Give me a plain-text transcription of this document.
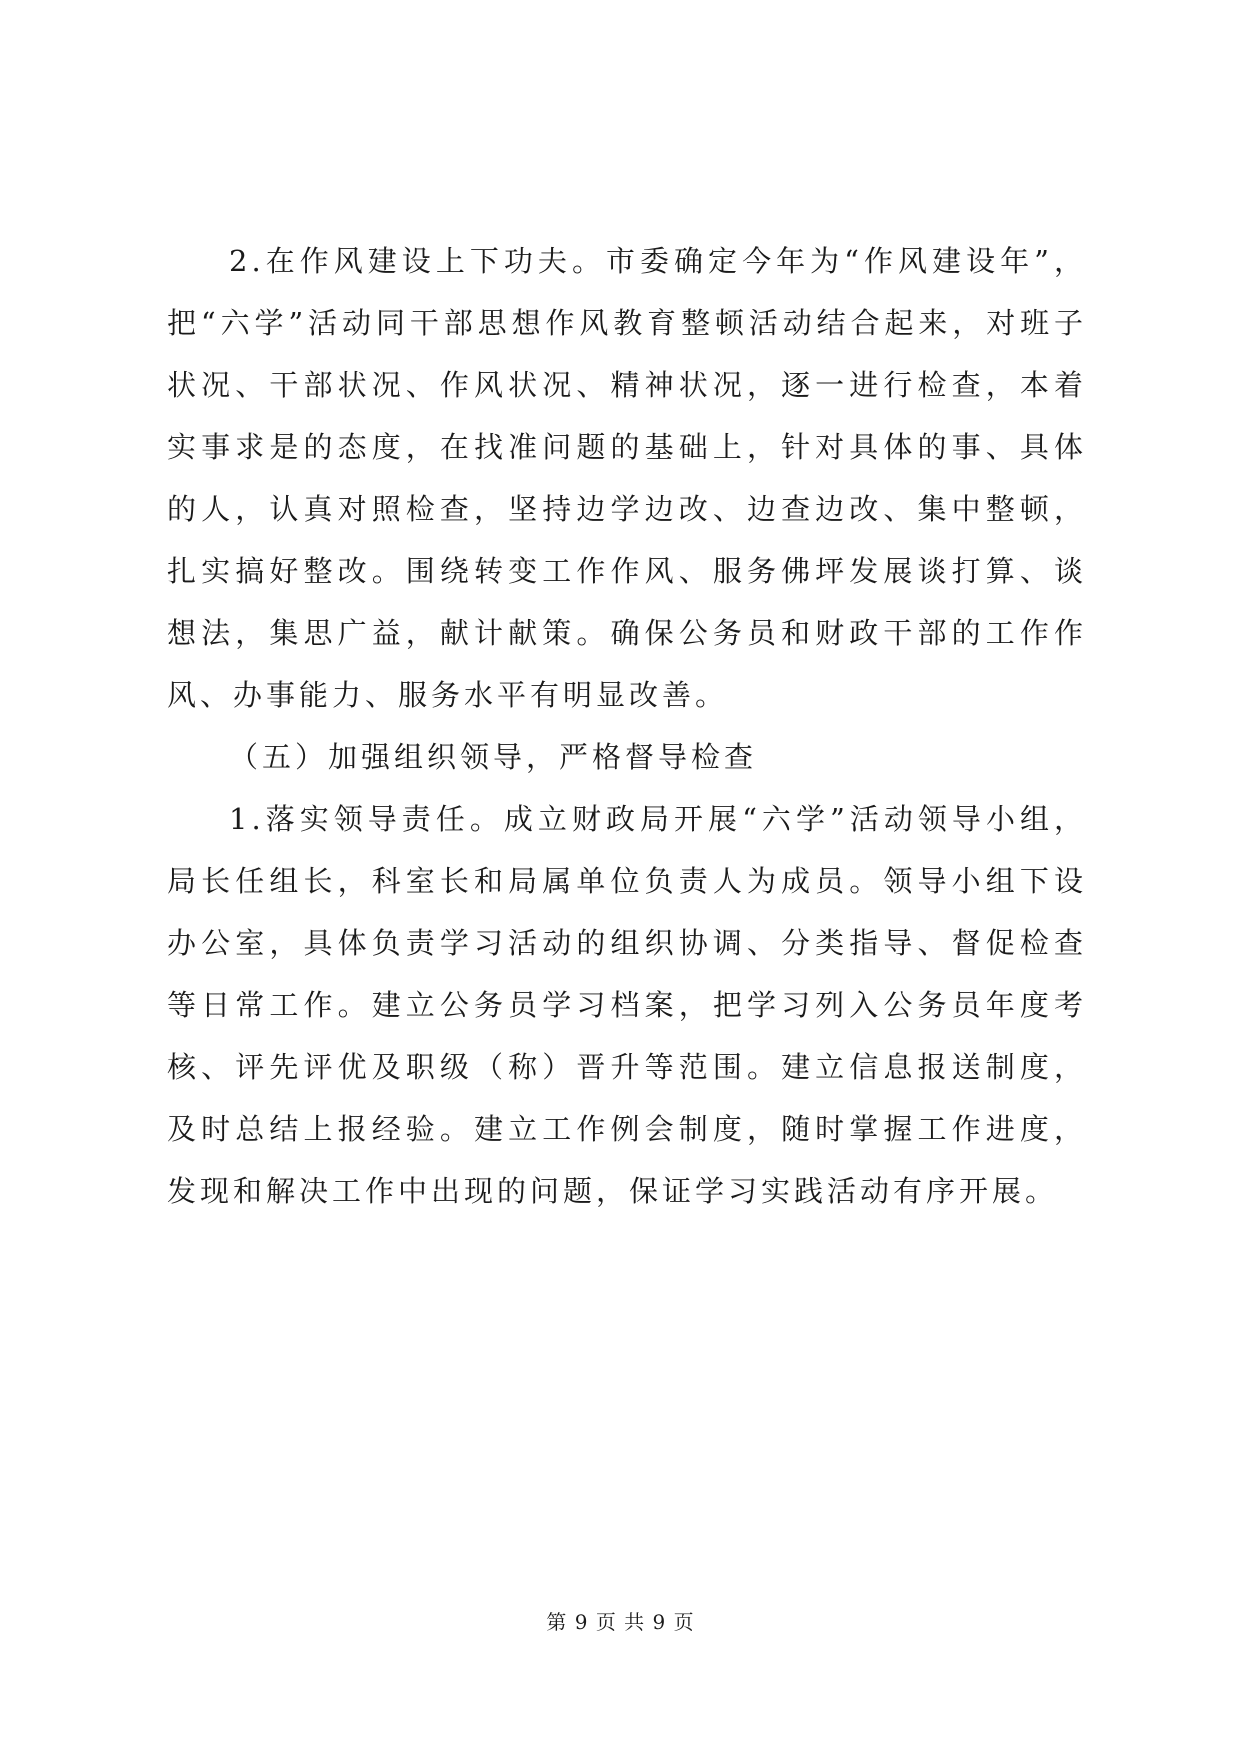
2.在作风建设上下功夫。市委确定今年为“作风建设年”，把“六学”活动同干部思想作风教育整顿活动结合起来，对班子状况、干部状况、作风状况、精神状况，逐一进行检查，本着实事求是的态度，在找准问题的基础上，针对具体的事、具体的人，认真对照检查，坚持边学边改、边查边改、集中整顿，扎实搞好整改。围绕转变工作作风、服务佛坪发展谈打算、谈想法，集思广益，献计献策。确保公务员和财政干部的工作作风、办事能力、服务水平有明显改善。

（五）加强组织领导，严格督导检查

1.落实领导责任。成立财政局开展“六学”活动领导小组，局长任组长，科室长和局属单位负责人为成员。领导小组下设办公室，具体负责学习活动的组织协调、分类指导、督促检查等日常工作。建立公务员学习档案，把学习列入公务员年度考核、评先评优及职级（称）晋升等范围。建立信息报送制度，及时总结上报经验。建立工作例会制度，随时掌握工作进度，发现和解决工作中出现的问题，保证学习实践活动有序开展。

第 9 页 共 9 页
